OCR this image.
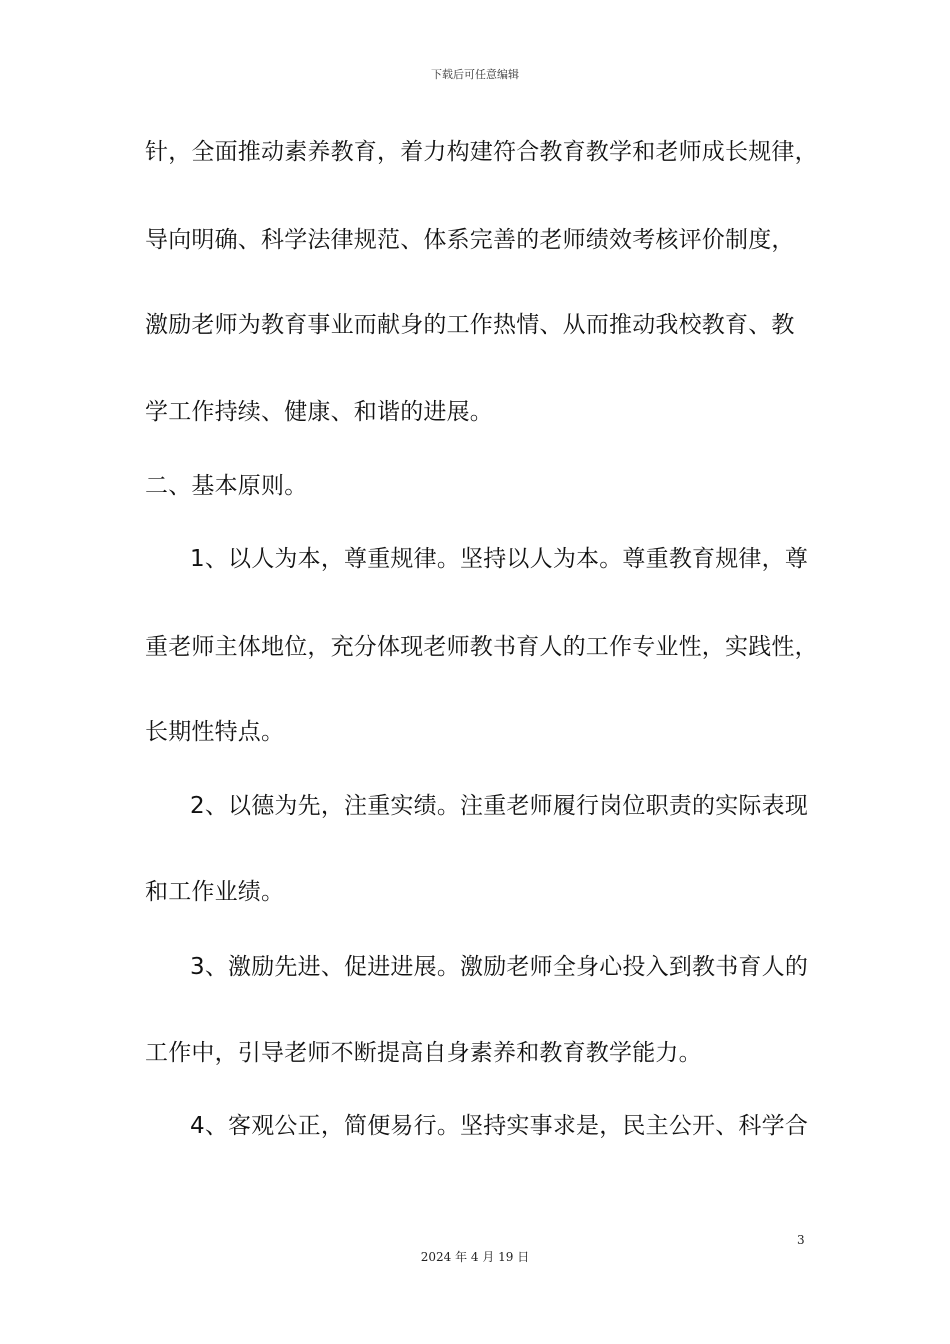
下载后可任意编辑
针，全面推动素养教育，着力构建符合教育教学和老师成长规律，
导向明确、科学法律规范、体系完善的老师绩效考核评价制度，
激励老师为教育事业而献身的工作热情、从而推动我校教育、教
学工作持续、健康、和谐的进展。
二、基本原则。
1、以人为本，尊重规律。坚持以人为本。尊重教育规律，尊
重老师主体地位，充分体现老师教书育人的工作专业性，实践性，
长期性特点。
2、以德为先，注重实绩。注重老师履行岗位职责的实际表现
和工作业绩。
3、激励先进、促进进展。激励老师全身心投入到教书育人的
工作中，引导老师不断提高自身素养和教育教学能力。
4、客观公正，简便易行。坚持实事求是，民主公开、科学合
3
2024 年 4 月 19 日
